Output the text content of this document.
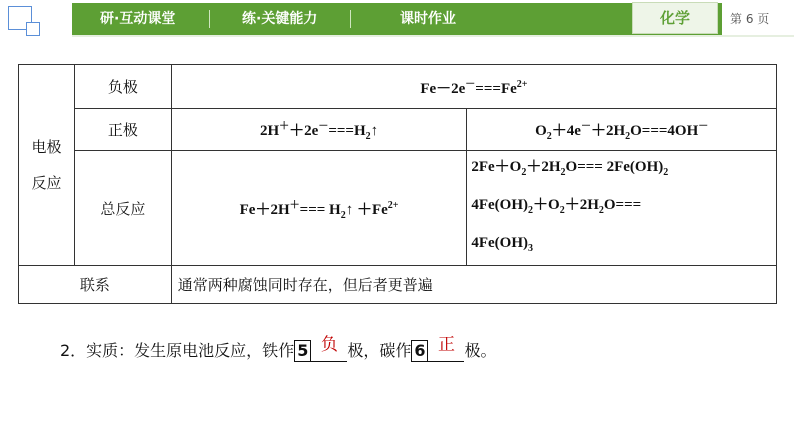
研·互动课堂	练·关键能力	课时作业	化学	第 6 页
电极
反应	负极	$Fe-2e^-===Fe^{2+}$
	正极	$2H^++2e^-===H_2↑$	$O_2+4e^-+2H_2O===4OH^-$
	总反应	$Fe+2H^+=== H_2↑ +Fe^{2+}$	$2Fe+O_2+2H_2O=== 2Fe(OH)_2$
$4Fe(OH)_2+O_2+2H_2O===$
$4Fe(OH)_3$

联系		通常两种腐蚀同时存在，但后者更普遍	
2．实质：发生原电池反应，铁作 5 负 极，碳作 6 正 极。
